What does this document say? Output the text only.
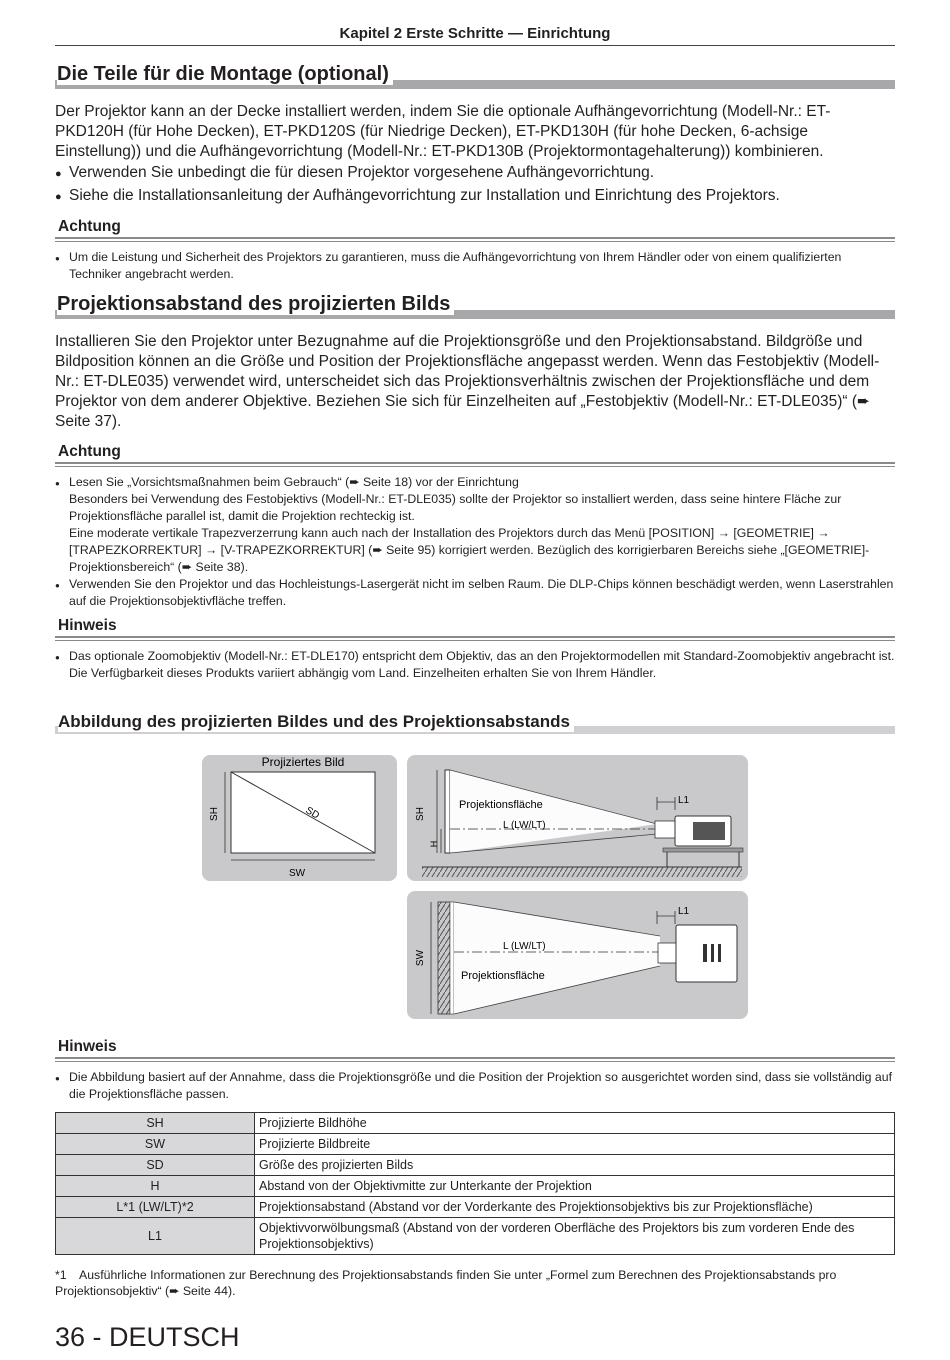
Kapitel 2 Erste Schritte — Einrichtung
Die Teile für die Montage (optional)

Der Projektor kann an der Decke installiert werden, indem Sie die optionale Aufhängevorrichtung (Modell-Nr.: ET-PKD120H (für Hohe Decken), ET-PKD120S (für Niedrige Decken), ET-PKD130H (für hohe Decken, 6-achsige Einstellung)) und die Aufhängevorrichtung (Modell-Nr.: ET-PKD130B (Projektormontagehalterung)) kombinieren.

● Verwenden Sie unbedingt die für diesen Projektor vorgesehene Aufhängevorrichtung.

● Siehe die Installationsanleitung der Aufhängevorrichtung zur Installation und Einrichtung des Projektors.

Achtung
● Um die Leistung und Sicherheit des Projektors zu garantieren, muss die Aufhängevorrichtung von Ihrem Händler oder von einem qualifizierten Techniker angebracht werden.
Projektionsabstand des projizierten Bilds

Installieren Sie den Projektor unter Bezugnahme auf die Projektionsgröße und den Projektionsabstand. Bildgröße und Bildposition können an die Größe und Position der Projektionsfläche angepasst werden. Wenn das Festobjektiv (Modell-Nr.: ET-DLE035) verwendet wird, unterscheidet sich das Projektionsverhältnis zwischen der Projektionsfläche und dem Projektor von dem anderer Objektive. Beziehen Sie sich für Einzelheiten auf „Festobjektiv (Modell-Nr.: ET-DLE035)“ (➨ Seite 37).

Achtung
● Lesen Sie „Vorsichtsmaßnahmen beim Gebrauch“ (➨ Seite 18) vor der Einrichtung
Besonders bei Verwendung des Festobjektivs (Modell-Nr.: ET-DLE035) sollte der Projektor so installiert werden, dass seine hintere Fläche zur Projektionsfläche parallel ist, damit die Projektion rechteckig ist.
Eine moderate vertikale Trapezverzerrung kann auch nach der Installation des Projektors durch das Menü [POSITION] → [GEOMETRIE] → [TRAPEZKORREKTUR] → [V-TRAPEZKORREKTUR] (➨ Seite 95) korrigiert werden. Bezüglich des korrigierbaren Bereichs siehe „[GEOMETRIE]-Projektionsbereich“ (➨ Seite 38).
● Verwenden Sie den Projektor und das Hochleistungs-Lasergerät nicht im selben Raum. Die DLP-Chips können beschädigt werden, wenn Laserstrahlen auf die Projektionsobjektivfläche treffen.
Hinweis
● Das optionale Zoomobjektiv (Modell-Nr.: ET-DLE170) entspricht dem Objektiv, das an den Projektormodellen mit Standard-Zoomobjektiv angebracht ist.
Die Verfügbarkeit dieses Produkts variiert abhängig vom Land. Einzelheiten erhalten Sie von Ihrem Händler.
Abbildung des projizierten Bildes und des Projektionsabstands
Projiziertes Bild
SH
SW
SD	SH
H
Projektionsfläche
L (LW/LT)
L1
SW
L (LW/LT)
Projektionsfläche
L1
Hinweis
● Die Abbildung basiert auf der Annahme, dass die Projektionsgröße und die Position der Projektion so ausgerichtet worden sind, dass sie vollständig auf die Projektionsfläche passen.
SH	Projizierte Bildhöhe
SW	Projizierte Bildbreite
SD	Größe des projizierten Bilds
H	Abstand von der Objektivmitte zur Unterkante der Projektion
L*1 (LW/LT)*2	Projektionsabstand (Abstand vor der Vorderkante des Projektionsobjektivs bis zur Projektionsfläche)
L1	Objektivvorwölbungsmaß (Abstand von der vorderen Oberfläche des Projektors bis zum vorderen Ende des Projektionsobjektivs)
*1 Ausführliche Informationen zur Berechnung des Projektionsabstands finden Sie unter „Formel zum Berechnen des Projektionsabstands pro Projektionsobjektiv“ (➨ Seite 44).
36 - DEUTSCH
